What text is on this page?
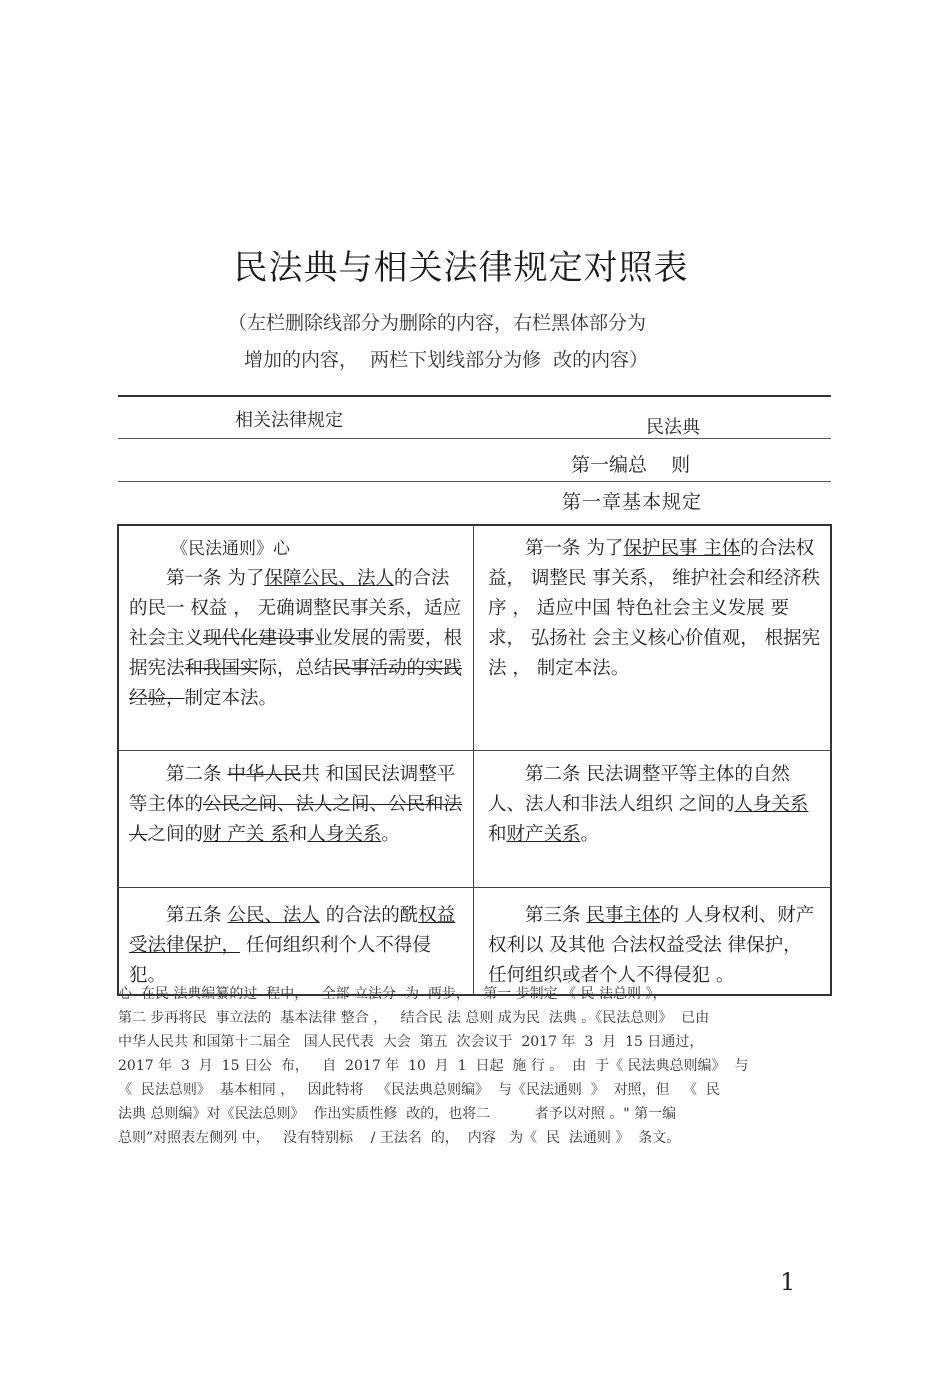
民法典与相关法律规定对照表
（左栏删除线部分为删除的内容，右栏黑体部分为
增加的内容，  两栏下划线部分为修  改的内容）
相关法律规定	民法典
第一编总    则
第一章基本规定

《民法通则》心

第一条 为了保障公民、法人的合法的民一 权益 ， 无确调整民事关系，适应社会主义现代化建设事业发展的需要，根据宪法和我国实际，总结民事活动的实践经验，制定本法。

第一条 为了保护民事 主体的合法权益， 调整民 事关系， 维护社会和经济秩序 ， 适应中国 特色社会主义发展 要求， 弘扬社 会主义核心价值观， 根据宪法 ， 制定本法。

第二条 中华人民共 和国民法调整平等主体的公民之间、法人之间、公民和法人之间的财 产关 系和人身关系。

第二条 民法调整平等主体的自然人、法人和非法人组织 之间的人身关系和财产关系。

第五条 公民、法人 的合法的酰权益受法律保护， 任何组织利个人不得侵犯。

第三条 民事主体的 人身权利、财产权利以 及其他 合法权益受法 律保护， 任何组织或者个人不得侵犯 。

心  在民 法典编纂的过  程中，   全部 立法分  为  两步，   第一 步制定 《 民 法总则 》，

第二 步再将民  事立法的  基本法律 整合 ，   结合民 法 总则 成为民  法典 。《民法总则》  已由

中华人民共 和国第十二届全   国人民代表  大会  第五  次会议于  2017 年  3  月  15 日通过，

2017 年  3  月  15 日公  布，   自  2017 年  10  月  1  日起  施 行 。  由  于《 民法典总则编》  与

《  民法总则》  基本相同 ，   因此特将   《民法典总则编》  与《民法通则  》  对照，但   《  民

法典 总则编》对《民法总则》  作出实质性修  改的，也将二          者予以对照 。" 第一编

总则”对照表左侧列 中，   没有特别标    / 王法名  的，  内容   为《  民  法通则 》  条文。

1
